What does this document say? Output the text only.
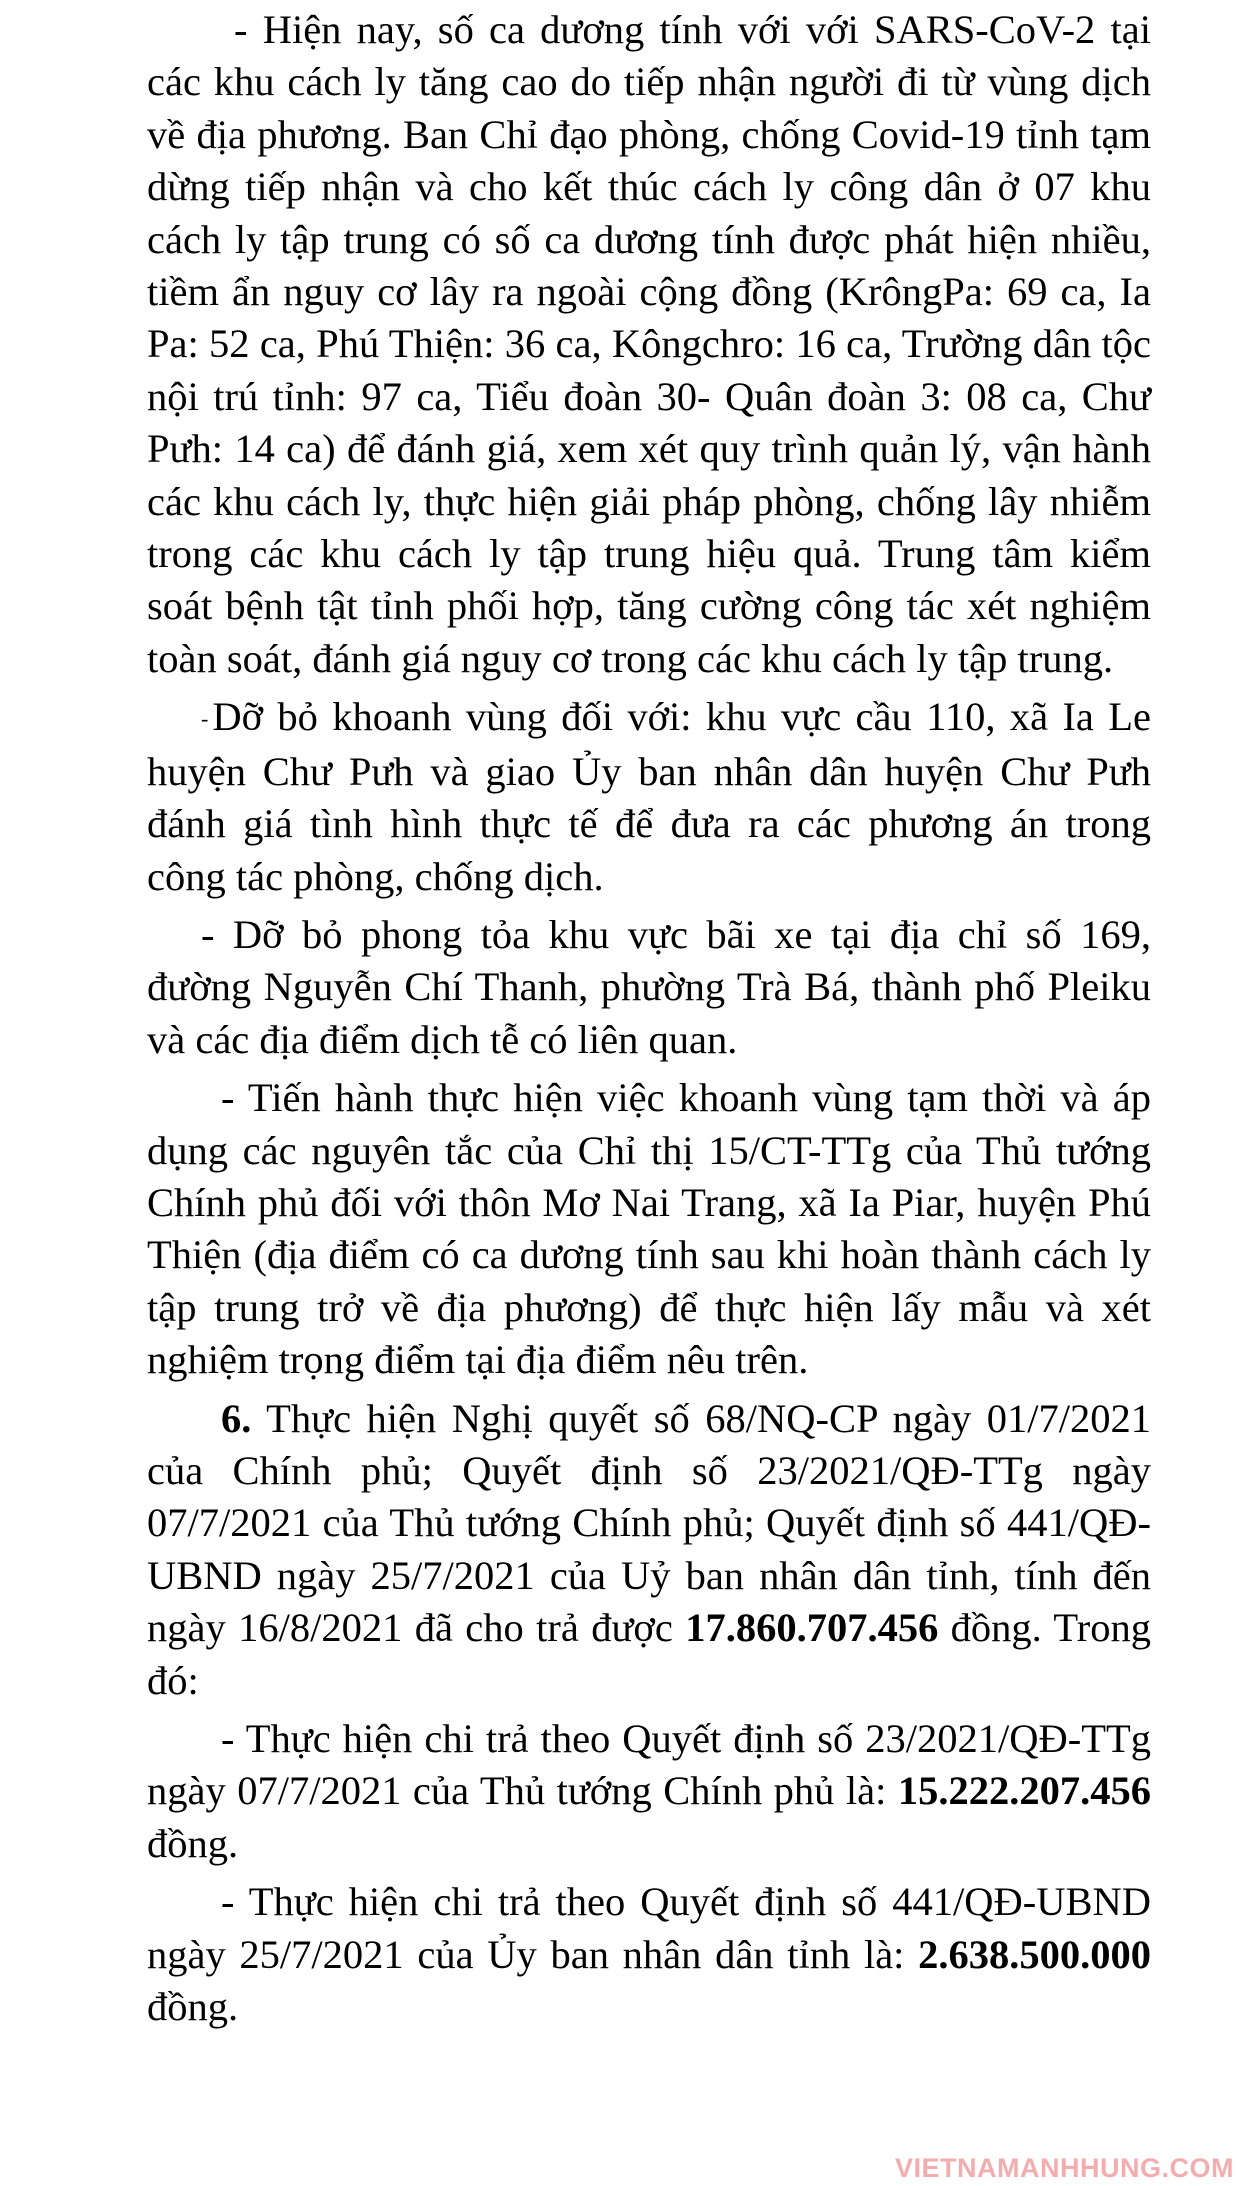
- Hiện nay, số ca dương tính với với SARS-CoV-2 tại các khu cách ly tăng cao do tiếp nhận người đi từ vùng dịch về địa phương. Ban Chỉ đạo phòng, chống Covid-19 tỉnh tạm dừng tiếp nhận và cho kết thúc cách ly công dân ở 07 khu cách ly tập trung có số ca dương tính được phát hiện nhiều, tiềm ẩn nguy cơ lây ra ngoài cộng đồng (KrôngPa: 69 ca, Ia Pa: 52 ca, Phú Thiện: 36 ca, Kôngchro: 16 ca, Trường dân tộc nội trú tỉnh: 97 ca, Tiểu đoàn 30- Quân đoàn 3: 08 ca, Chư Pưh: 14 ca) để đánh giá, xem xét quy trình quản lý, vận hành các khu cách ly, thực hiện giải pháp phòng, chống lây nhiễm trong các khu cách ly tập trung hiệu quả. Trung tâm kiểm soát bệnh tật tỉnh phối hợp, tăng cường công tác xét nghiệm toàn soát, đánh giá nguy cơ trong các khu cách ly tập trung.

-Dỡ bỏ khoanh vùng đối với: khu vực cầu 110, xã Ia Le huyện Chư Pưh và giao Ủy ban nhân dân huyện Chư Pưh đánh giá tình hình thực tế để đưa ra các phương án trong công tác phòng, chống dịch.

- Dỡ bỏ phong tỏa khu vực bãi xe tại địa chỉ số 169, đường Nguyễn Chí Thanh, phường Trà Bá, thành phố Pleiku và các địa điểm dịch tễ có liên quan.

- Tiến hành thực hiện việc khoanh vùng tạm thời và áp dụng các nguyên tắc của Chỉ thị 15/CT-TTg của Thủ tướng Chính phủ đối với thôn Mơ Nai Trang, xã Ia Piar, huyện Phú Thiện (địa điểm có ca dương tính sau khi hoàn thành cách ly tập trung trở về địa phương) để thực hiện lấy mẫu và xét nghiệm trọng điểm tại địa điểm nêu trên.

6. Thực hiện Nghị quyết số 68/NQ-CP ngày 01/7/2021 của Chính phủ; Quyết định số 23/2021/QĐ-TTg ngày 07/7/2021 của Thủ tướng Chính phủ; Quyết định số 441/QĐ-UBND ngày 25/7/2021 của Uỷ ban nhân dân tỉnh, tính đến ngày 16/8/2021 đã cho trả được 17.860.707.456 đồng. Trong đó:

- Thực hiện chi trả theo Quyết định số 23/2021/QĐ-TTg ngày 07/7/2021 của Thủ tướng Chính phủ là: 15.222.207.456 đồng.

- Thực hiện chi trả theo Quyết định số 441/QĐ-UBND ngày 25/7/2021 của Ủy ban nhân dân tỉnh là: 2.638.500.000 đồng.

VIETNAMANHHUNG.COM
